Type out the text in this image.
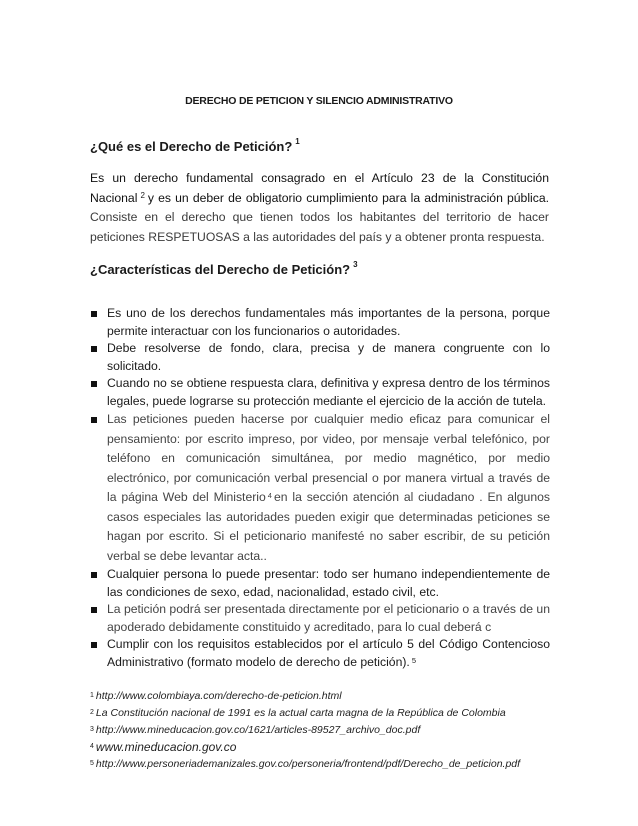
DERECHO DE PETICION Y SILENCIO ADMINISTRATIVO
¿Qué es el Derecho de Petición? $^1$
Es un derecho fundamental consagrado en el Artículo 23 de la Constitución Nacional $^2$ y es un deber de obligatorio cumplimiento para la administración pública. Consiste en el derecho que tienen todos los habitantes del territorio de hacer peticiones RESPETUOSAS a las autoridades del país y a obtener pronta respuesta.
¿Características del Derecho de Petición? $^3$
Es uno de los derechos fundamentales más importantes de la persona, porque permite interactuar con los funcionarios o autoridades.
Debe resolverse de fondo, clara, precisa y de manera congruente con lo solicitado.
Cuando no se obtiene respuesta clara, definitiva y expresa dentro de los términos legales, puede lograrse su protección mediante el ejercicio de la acción de tutela.
Las peticiones pueden hacerse por cualquier medio eficaz para comunicar el pensamiento: por escrito impreso, por video, por mensaje verbal telefónico, por teléfono en comunicación simultánea, por medio magnético, por medio electrónico, por comunicación verbal presencial o por manera virtual a través de la página Web del Ministerio $^4$ en la sección atención al ciudadano . En algunos casos especiales las autoridades pueden exigir que determinadas peticiones se hagan por escrito. Si el peticionario manifesté no saber escribir, de su petición verbal se debe levantar acta..
Cualquier persona lo puede presentar: todo ser humano independientemente de las condiciones de sexo, edad, nacionalidad, estado civil, etc.
La petición podrá ser presentada directamente por el peticionario o a través de un apoderado debidamente constituido y acreditado, para lo cual deberá c
Cumplir con los requisitos establecidos por el artículo 5 del Código Contencioso Administrativo (formato modelo de derecho de petición). $^5$
$^1$ http://www.colombiaya.com/derecho-de-peticion.html
$^2$ La Constitución nacional de 1991 es la actual carta magna de la República de Colombia
$^3$ http://www.mineducacion.gov.co/1621/articles-89527_archivo_doc.pdf
$^4$ www.mineducacion.gov.co
$^5$ http://www.personeriademanizales.gov.co/personeria/frontend/pdf/Derecho_de_peticion.pdf
